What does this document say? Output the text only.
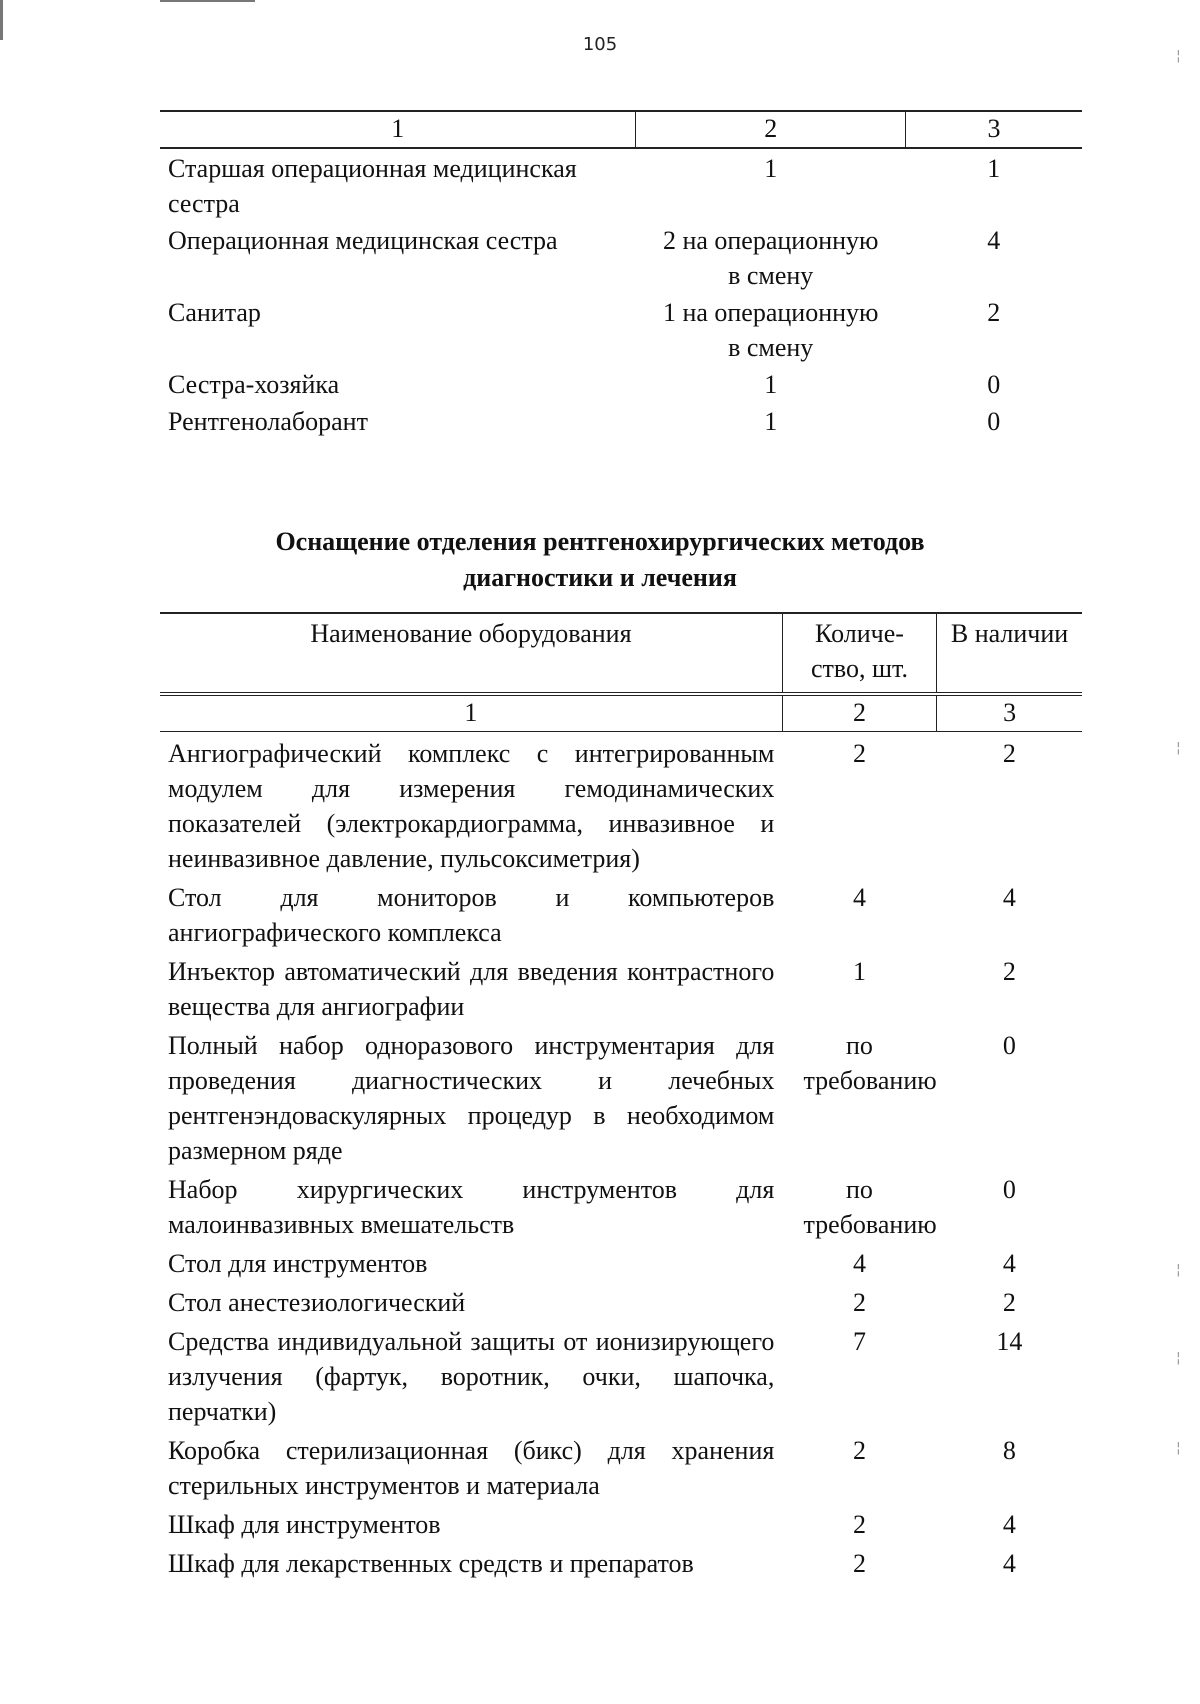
¦
¦
¦
¦
¦
105
1	2	3
Старшая операционная медицинская сестра	1	1
Операционная медицинская сестра	2 на операционную в смену	4
Санитар	1 на операционную в смену	2
Сестра-хозяйка	1	0
Рентгенолаборант	1	0
Оснащение отделения рентгенохирургических методов
диагностики и лечения
Наименование оборудования	Количе-ство, шт.	В наличии
1	2	3
Ангиографический комплекс с интегрированным модулем для измерения гемодинамических показателей (электрокардиограмма, инвазивное и неинвазивное давление, пульсоксиметрия)	2	2
Стол для мониторов и компьютеров ангиографического комплекса	4	4
Инъектор автоматический для введения контрастного вещества для ангиографии	1	2
Полный набор одноразового инструментария для проведения диагностических и лечебных рентгенэндоваскулярных процедур в необходимом размерном ряде	по требованию	0
Набор хирургических инструментов для малоинвазивных вмешательств	по требованию	0
Стол для инструментов	4	4
Стол анестезиологический	2	2
Средства индивидуальной защиты от ионизирующего излучения (фартук, воротник, очки, шапочка, перчатки)	7	14
Коробка стерилизационная (бикс) для хранения стерильных инструментов и материала	2	8
Шкаф для инструментов	2	4
Шкаф для лекарственных средств и препаратов	2	4
